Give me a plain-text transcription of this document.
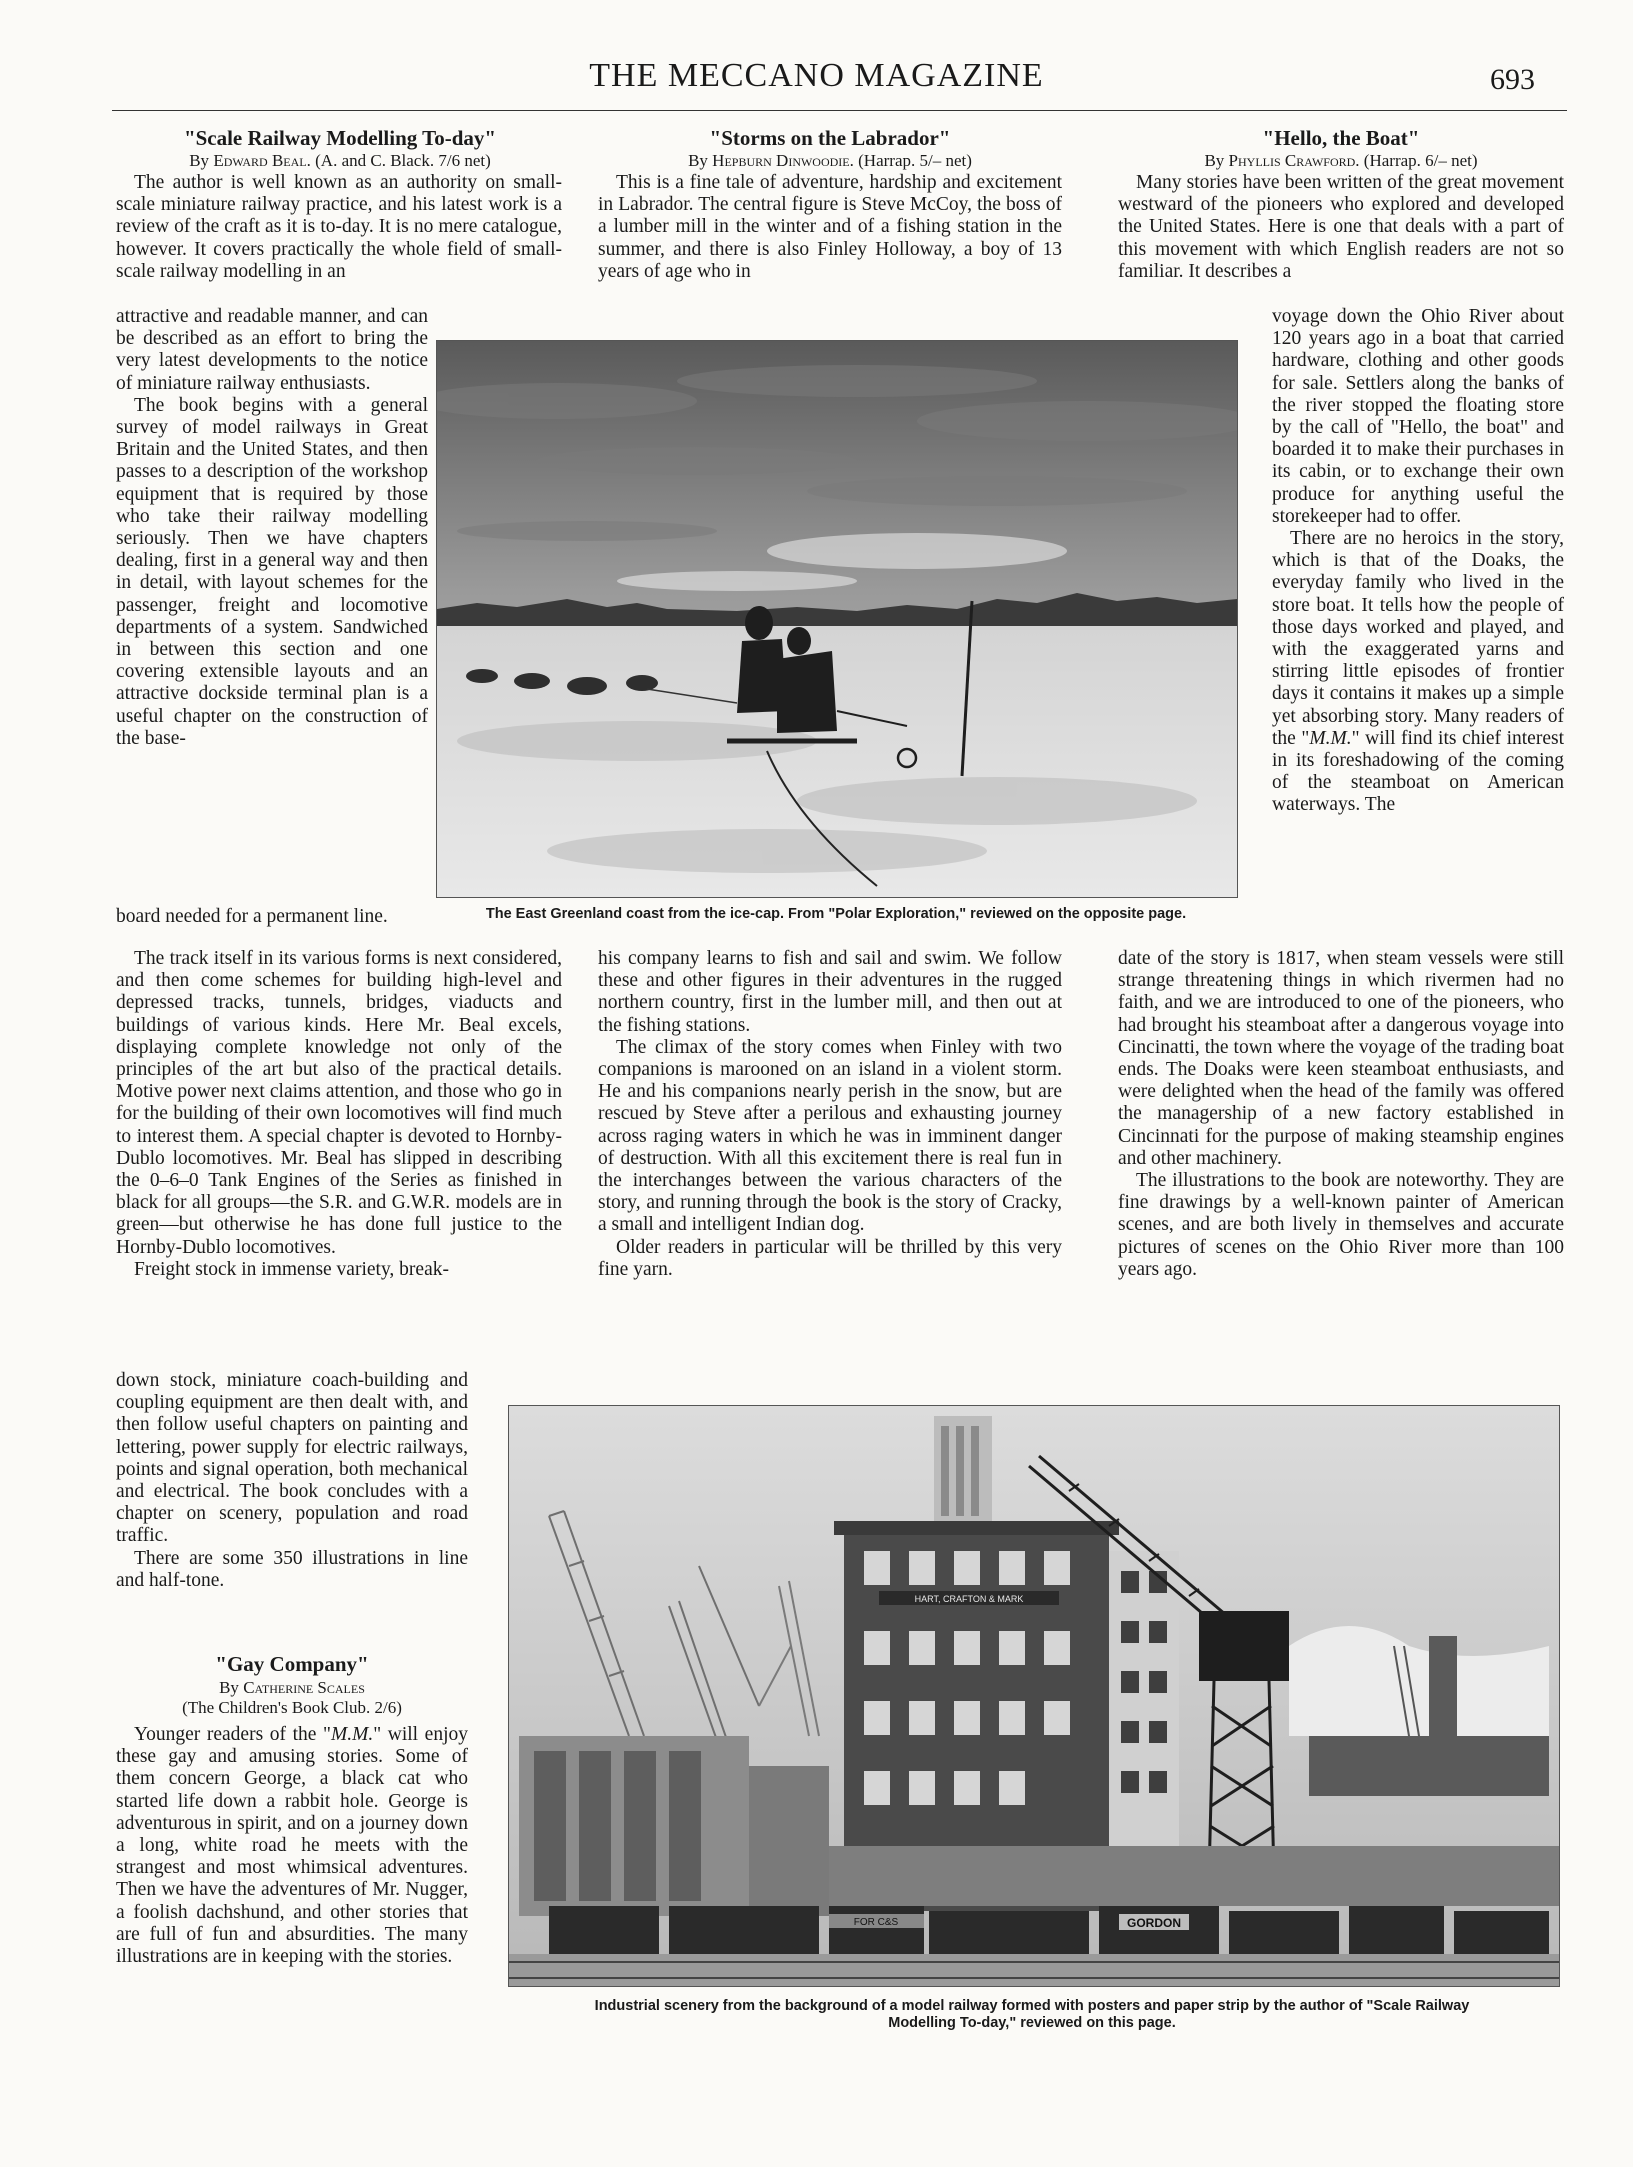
THE MECCANO MAGAZINE	693
"Scale Railway Modelling To-day"
By Edward Beal. (A. and C. Black. 7/6 net)

The author is well known as an authority on small-scale miniature railway practice, and his latest work is a review of the craft as it is to-day. It is no mere catalogue, however. It covers practically the whole field of small-scale railway modelling in an

attractive and readable manner, and can be described as an effort to bring the very latest developments to the notice of miniature railway enthusiasts.

The book begins with a general survey of model railways in Great Britain and the United States, and then passes to a description of the workshop equipment that is required by those who take their railway modelling seriously. Then we have chapters dealing, first in a general way and then in detail, with layout schemes for the passenger, freight and locomotive departments of a system. Sandwiched in between this section and one covering extensible layouts and an attractive dockside terminal plan is a useful chapter on the construction of the base-

board needed for a permanent line.

The track itself in its various forms is next considered, and then come schemes for building high-level and depressed tracks, tunnels, bridges, viaducts and buildings of various kinds. Here Mr. Beal excels, displaying complete knowledge not only of the principles of the art but also of the practical details. Motive power next claims attention, and those who go in for the building of their own locomotives will find much to interest them. A special chapter is devoted to Hornby-Dublo locomotives. Mr. Beal has slipped in describing the 0–6–0 Tank Engines of the Series as finished in black for all groups—the S.R. and G.W.R. models are in green—but otherwise he has done full justice to the Hornby-Dublo locomotives.

Freight stock in immense variety, break-

down stock, miniature coach-building and coupling equipment are then dealt with, and then follow useful chapters on painting and lettering, power supply for electric railways, points and signal operation, both mechanical and electrical. The book concludes with a chapter on scenery, population and road traffic.

There are some 350 illustrations in line and half-tone.

"Gay Company"
By Catherine Scales
(The Children's Book Club. 2/6)

Younger readers of the "M.M." will enjoy these gay and amusing stories. Some of them concern George, a black cat who started life down a rabbit hole. George is adventurous in spirit, and on a journey down a long, white road he meets with the strangest and most whimsical adventures. Then we have the adventures of Mr. Nugger, a foolish dachshund, and other stories that are full of fun and absurdities. The many illustrations are in keeping with the stories.

"Storms on the Labrador"
By Hepburn Dinwoodie. (Harrap. 5/– net)

This is a fine tale of adventure, hardship and excitement in Labrador. The central figure is Steve McCoy, the boss of a lumber mill in the winter and of a fishing station in the summer, and there is also Finley Holloway, a boy of 13 years of age who in

his company learns to fish and sail and swim. We follow these and other figures in their adventures in the rugged northern country, first in the lumber mill, and then out at the fishing stations.

The climax of the story comes when Finley with two companions is marooned on an island in a violent storm. He and his companions nearly perish in the snow, but are rescued by Steve after a perilous and exhausting journey across raging waters in which he was in imminent danger of destruction. With all this excitement there is real fun in the interchanges between the various characters of the story, and running through the book is the story of Cracky, a small and intelligent Indian dog.

Older readers in particular will be thrilled by this very fine yarn.

"Hello, the Boat"
By Phyllis Crawford. (Harrap. 6/– net)

Many stories have been written of the great movement westward of the pioneers who explored and developed the United States. Here is one that deals with a part of this movement with which English readers are not so familiar. It describes a

voyage down the Ohio River about 120 years ago in a boat that carried hardware, clothing and other goods for sale. Settlers along the banks of the river stopped the floating store by the call of "Hello, the boat" and boarded it to make their purchases in its cabin, or to exchange their own produce for anything useful the storekeeper had to offer.

There are no heroics in the story, which is that of the Doaks, the everyday family who lived in the store boat. It tells how the people of those days worked and played, and with the exaggerated yarns and stirring little episodes of frontier days it contains it makes up a simple yet absorbing story. Many readers of the "M.M." will find its chief interest in its foreshadowing of the coming of the steamboat on American waterways. The

date of the story is 1817, when steam vessels were still strange threatening things in which rivermen had no faith, and we are introduced to one of the pioneers, who had brought his steamboat after a dangerous voyage into Cincinatti, the town where the voyage of the trading boat ends. The Doaks were keen steamboat enthusiasts, and were delighted when the head of the family was offered the managership of a new factory established in Cincinnati for the purpose of making steamship engines and other machinery.

The illustrations to the book are noteworthy. They are fine drawings by a well-known painter of American scenes, and are both lively in themselves and accurate pictures of scenes on the Ohio River more than 100 years ago.

The East Greenland coast from the ice-cap. From "Polar Exploration," reviewed on the opposite page.
HART, CRAFTON & MARK
FOR C&S	GORDON
Industrial scenery from the background of a model railway formed with posters and paper strip by the author of "Scale Railway
Modelling To-day," reviewed on this page.
